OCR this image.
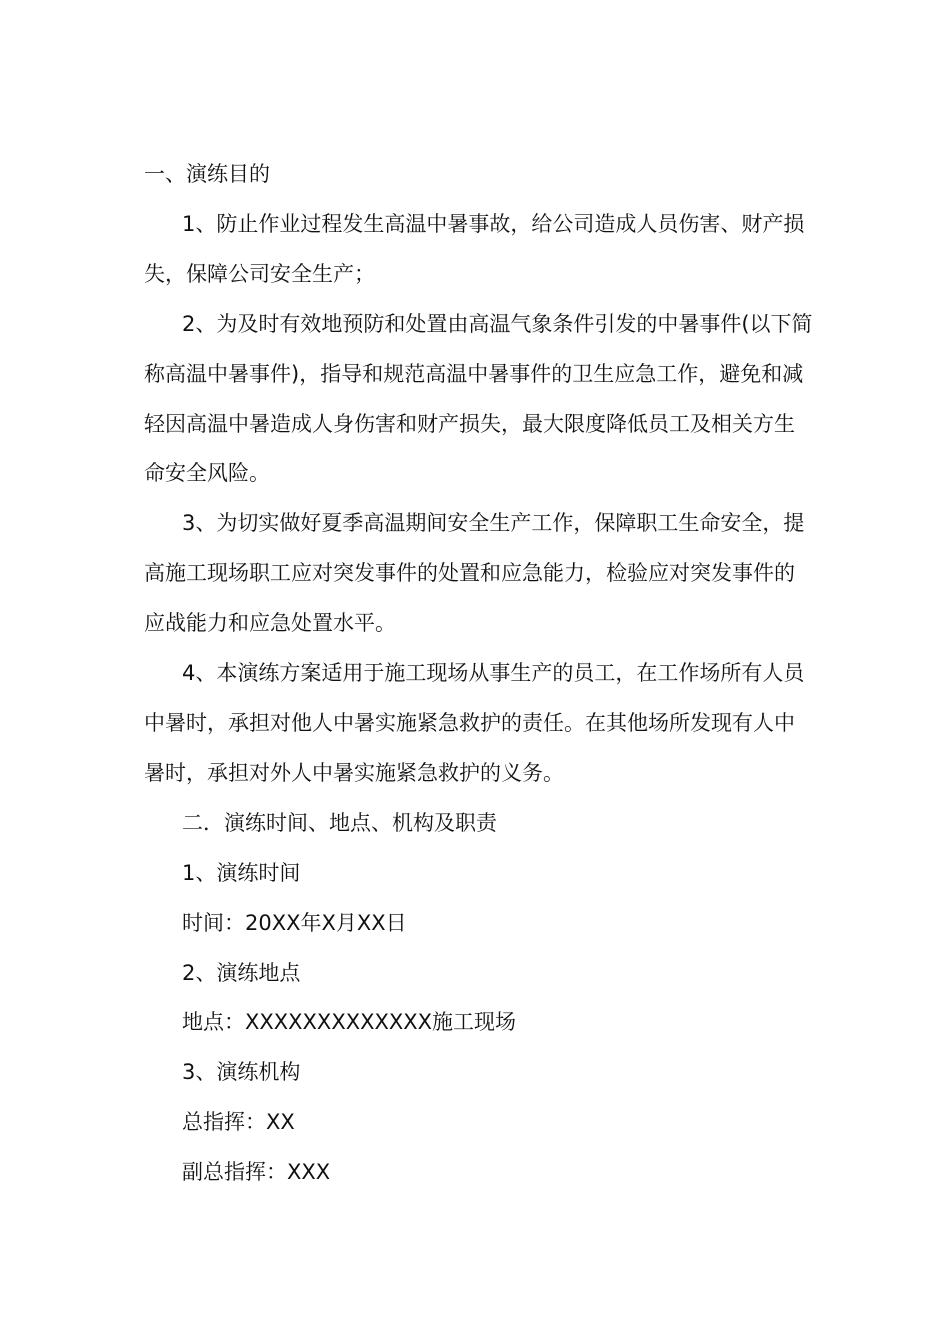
一、演练目的

1、防止作业过程发生高温中暑事故，给公司造成人员伤害、财产损失，保障公司安全生产；

2、为及时有效地预防和处置由高温气象条件引发的中暑事件(以下简称高温中暑事件)，指导和规范高温中暑事件的卫生应急工作，避免和减轻因高温中暑造成人身伤害和财产损失，最大限度降低员工及相关方生命安全风险。

3、为切实做好夏季高温期间安全生产工作，保障职工生命安全，提高施工现场职工应对突发事件的处置和应急能力，检验应对突发事件的应战能力和应急处置水平。

4、本演练方案适用于施工现场从事生产的员工，在工作场所有人员中暑时，承担对他人中暑实施紧急救护的责任。在其他场所发现有人中暑时，承担对外人中暑实施紧急救护的义务。

二．演练时间、地点、机构及职责

1、演练时间

时间：20XX年X月XX日

2、演练地点

地点：XXXXXXXXXXXXX施工现场

3、演练机构

总指挥：XX

副总指挥：XXX
